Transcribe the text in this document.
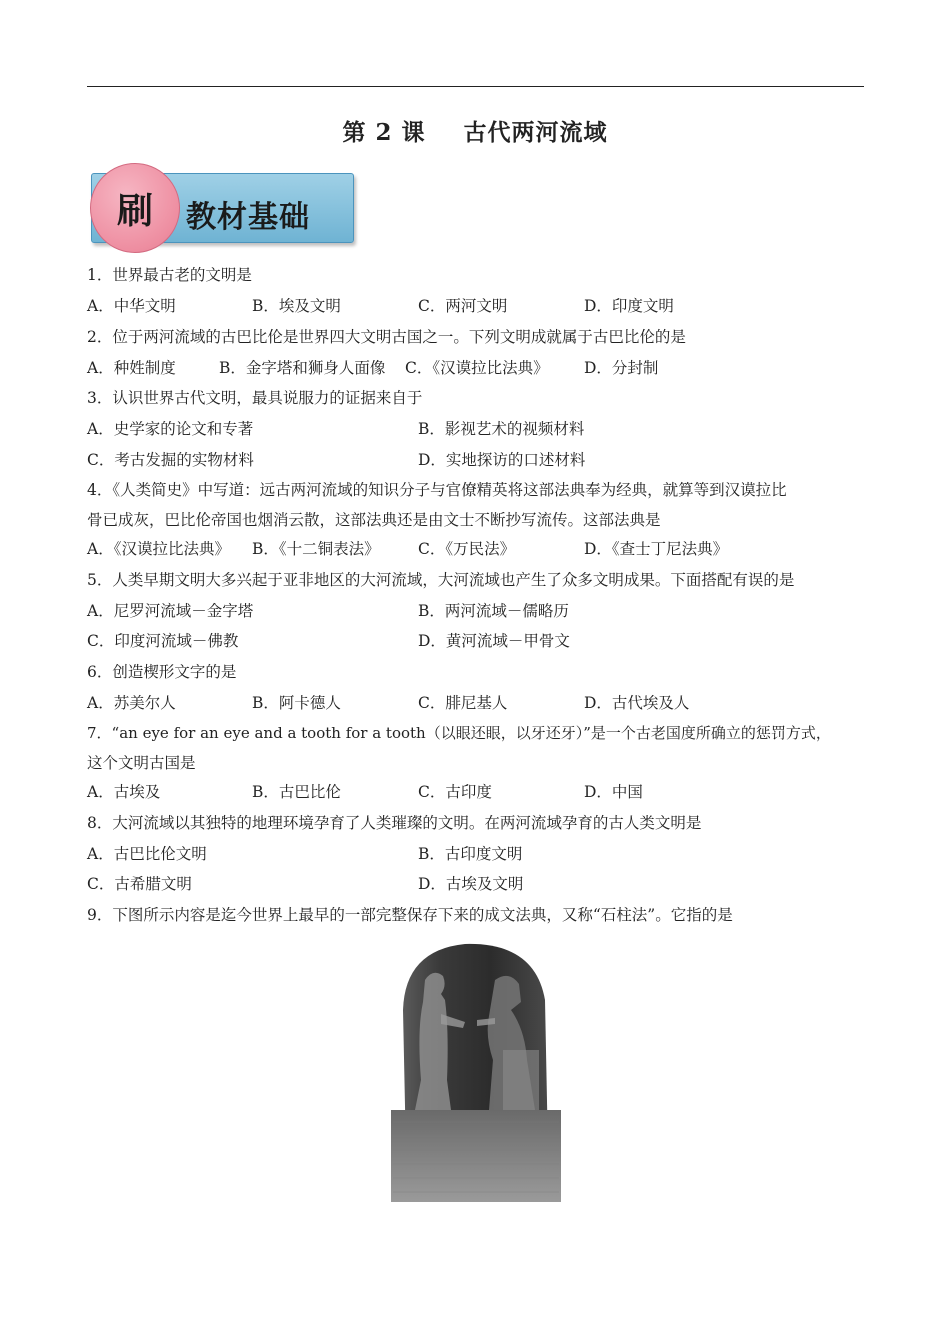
第 2 课 古代两河流域
刷 教材基础
1．世界最古老的文明是
A．中华文明	B．埃及文明	C．两河文明	D．印度文明
2．位于两河流域的古巴比伦是世界四大文明古国之一。下列文明成就属于古巴比伦的是
A．种姓制度	B．金字塔和狮身人面像 C．《汉谟拉比法典》 D．分封制
3．认识世界古代文明，最具说服力的证据来自于
A．史学家的论文和专著	B．影视艺术的视频材料
C．考古发掘的实物材料	D．实地探访的口述材料
4．《人类简史》中写道：远古两河流域的知识分子与官僚精英将这部法典奉为经典，就算等到汉谟拉比
骨已成灰，巴比伦帝国也烟消云散，这部法典还是由文士不断抄写流传。这部法典是
A．《汉谟拉比法典》 B．《十二铜表法》 C．《万民法》	D．《查士丁尼法典》
5．人类早期文明大多兴起于亚非地区的大河流域，大河流域也产生了众多文明成果。下面搭配有误的是
A．尼罗河流域－金字塔	B．两河流域－儒略历
C．印度河流域－佛教	D．黄河流域－甲骨文
6．创造楔形文字的是
A．苏美尔人	B．阿卡德人	C．腓尼基人	D．古代埃及人
7．“an eye for an eye and a tooth for a tooth（以眼还眼，以牙还牙）”是一个古老国度所确立的惩罚方式，
这个文明古国是
A．古埃及	B．古巴比伦	C．古印度	D．中国
8．大河流域以其独特的地理环境孕育了人类璀璨的文明。在两河流域孕育的古人类文明是
A．古巴比伦文明	B．古印度文明
C．古希腊文明	D．古埃及文明
9．下图所示内容是迄今世界上最早的一部完整保存下来的成文法典，又称“石柱法”。它指的是
